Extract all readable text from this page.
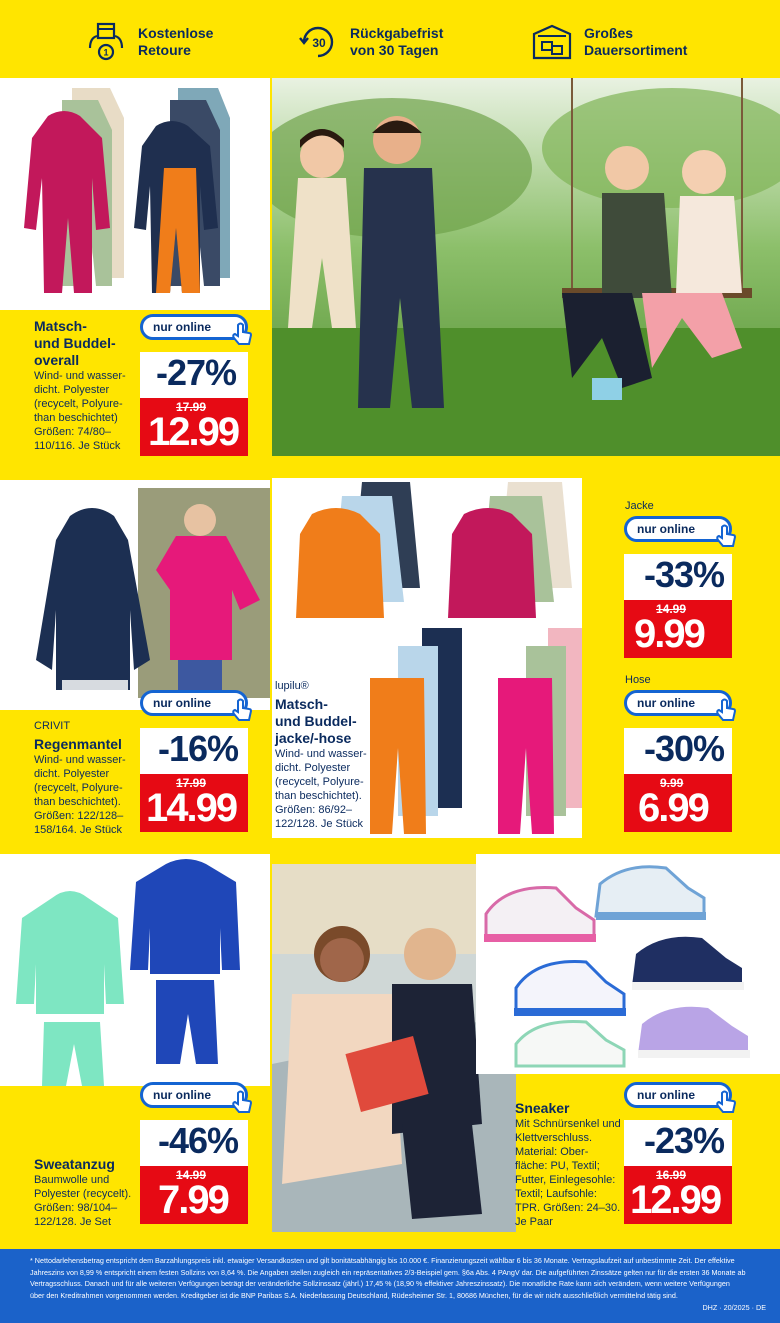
1
Kostenlose
Retoure	30
Rückgabefrist
von 30 Tagen
Großes
Dauersortiment
Matsch-
und Buddel-
overall
Wind- und wasser-
dicht. Polyester
(recycelt, Polyure-
than beschichtet)
Größen: 74/80–
110/116. Je Stück
nur online
-27%
17.99
12.99
CRIVIT
Regenmantel
Wind- und wasser-
dicht. Polyester
(recycelt, Polyure-
than beschichtet).
Größen: 122/128–
158/164. Je Stück
nur online
-16%
17.99
14.99
lupilu®
Matsch-
und Buddel-
jacke/-hose
Wind- und wasser-
dicht. Polyester
(recycelt, Polyure-
than beschichtet).
Größen: 86/92–
122/128. Je Stück
Jacke
nur online
-33%
14.99
9.99
Hose
nur online
-30%
9.99
6.99
Sweatanzug
Baumwolle und
Polyester (recycelt).
Größen: 98/104–
122/128. Je Set
nur online
-46%
14.99
7.99
Sneaker
Mit Schnürsenkel und
Klettverschluss.
Material: Ober-
fläche: PU, Textil;
Futter, Einlegesohle:
Textil; Laufsohle:
TPR. Größen: 24–30.
Je Paar
nur online
-23%
16.99
12.99
* Nettodarlehensbetrag entspricht dem Barzahlungspreis inkl. etwaiger Versandkosten und gilt bonitätsabhängig bis 10.000 €. Finanzierungszeit wählbar 6 bis 36 Monate. Vertragslaufzeit auf unbestimmte Zeit. Der effektive
Jahreszins von 8,99 % entspricht einem festen Sollzins von 8,64 %. Die Angaben stellen zugleich ein repräsentatives 2/3-Beispiel gem. §6a Abs. 4 PAngV dar. Die aufgeführten Zinssätze gelten nur für die ersten 36 Monate ab
Vertragsschluss. Danach und für alle weiteren Verfügungen beträgt der veränderliche Sollzinssatz (jährl.) 17,45 % (18,90 % effektiver Jahreszinssatz). Die monatliche Rate kann sich verändern, wenn weitere Verfügungen
über den Kreditrahmen vorgenommen werden. Kreditgeber ist die BNP Paribas S.A. Niederlassung Deutschland, Rüdesheimer Str. 1, 80686 München, für die wir nicht ausschließlich vermittelnd tätig sind.
DHZ · 20/2025 · DE
